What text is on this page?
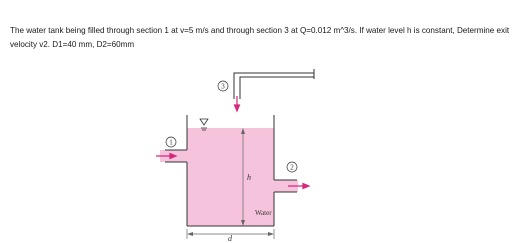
The water tank being filled through section 1 at v=5 m/s and through section 3 at Q=0.012 m^3/s. If water level h is constant, Determine exit velocity v2. D1=40 mm, D2=60mm

1
2
3
h
d
Water
